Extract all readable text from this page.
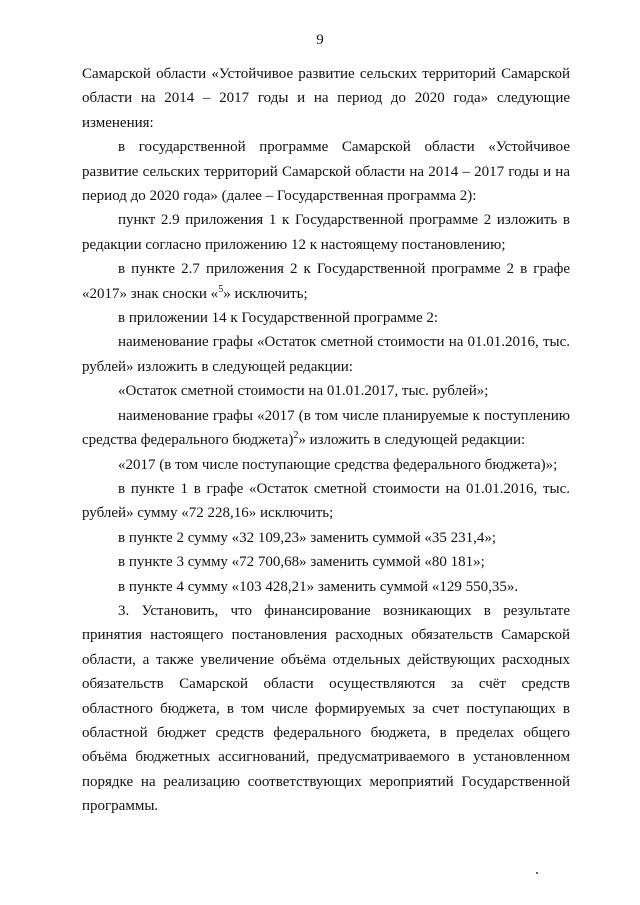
9

Самарской области «Устойчивое развитие сельских территорий Самарской области на 2014 – 2017 годы и на период до 2020 года» следующие изменения:

в государственной программе Самарской области «Устойчивое развитие сельских территорий Самарской области на 2014 – 2017 годы и на период до 2020 года» (далее – Государственная программа 2):

пункт 2.9 приложения 1 к Государственной программе 2 изложить в редакции согласно приложению 12 к настоящему постановлению;

в пункте 2.7 приложения 2 к Государственной программе 2 в графе «2017» знак сноски «$^5$» исключить;

в приложении 14 к Государственной программе 2:

наименование графы «Остаток сметной стоимости на 01.01.2016, тыс. рублей» изложить в следующей редакции:

«Остаток сметной стоимости на 01.01.2017, тыс. рублей»;

наименование графы «2017 (в том числе планируемые к поступлению средства федерального бюджета)$^2$» изложить в следующей редакции:

«2017 (в том числе поступающие средства федерального бюджета)»;

в пункте 1 в графе «Остаток сметной стоимости на 01.01.2016, тыс. рублей» сумму «72 228,16» исключить;

в пункте 2 сумму «32 109,23» заменить суммой «35 231,4»;

в пункте 3 сумму «72 700,68» заменить суммой «80 181»;

в пункте 4 сумму «103 428,21» заменить суммой «129 550,35».

3. Установить, что финансирование возникающих в результате принятия настоящего постановления расходных обязательств Самарской области, а также увеличение объёма отдельных действующих расходных обязательств Самарской области осуществляются за счёт средств областного бюджета, в том числе формируемых за счет поступающих в областной бюджет средств федерального бюджета, в пределах общего объёма бюджетных ассигнований, предусматриваемого в установленном порядке на реализацию соответствующих мероприятий Государственной программы.
